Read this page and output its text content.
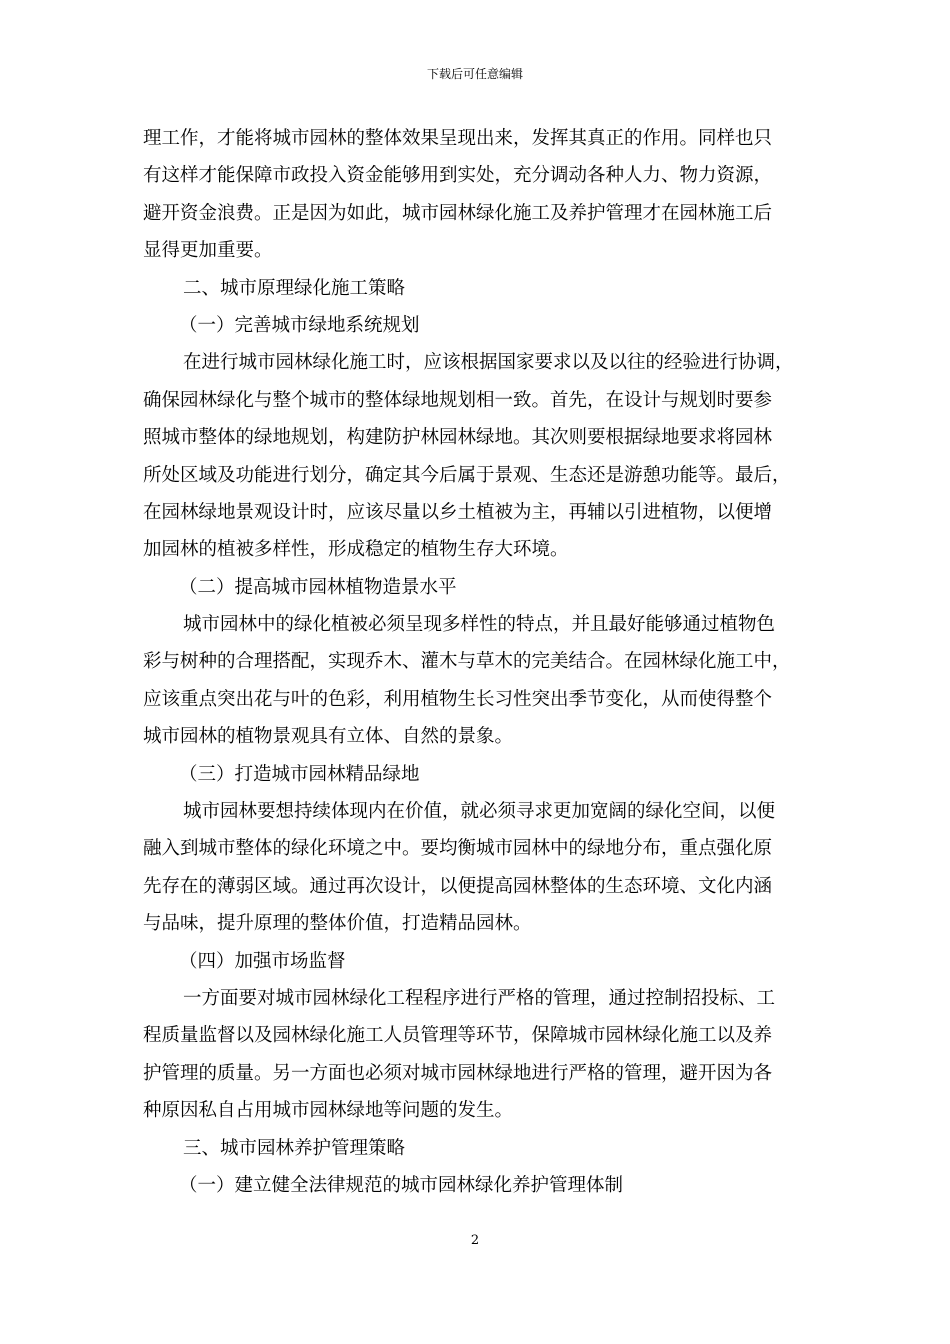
下载后可任意编辑
理工作，才能将城市园林的整体效果呈现出来，发挥其真正的作用。同样也只
有这样才能保障市政投入资金能够用到实处，充分调动各种人力、物力资源，
避开资金浪费。正是因为如此，城市园林绿化施工及养护管理才在园林施工后
显得更加重要。
二、城市原理绿化施工策略
（一）完善城市绿地系统规划
在进行城市园林绿化施工时，应该根据国家要求以及以往的经验进行协调，
确保园林绿化与整个城市的整体绿地规划相一致。首先，在设计与规划时要参
照城市整体的绿地规划，构建防护林园林绿地。其次则要根据绿地要求将园林
所处区域及功能进行划分，确定其今后属于景观、生态还是游憩功能等。最后，
在园林绿地景观设计时，应该尽量以乡土植被为主，再辅以引进植物，以便增
加园林的植被多样性，形成稳定的植物生存大环境。
（二）提高城市园林植物造景水平
城市园林中的绿化植被必须呈现多样性的特点，并且最好能够通过植物色
彩与树种的合理搭配，实现乔木、灌木与草木的完美结合。在园林绿化施工中，
应该重点突出花与叶的色彩，利用植物生长习性突出季节变化，从而使得整个
城市园林的植物景观具有立体、自然的景象。
（三）打造城市园林精品绿地
城市园林要想持续体现内在价值，就必须寻求更加宽阔的绿化空间，以便
融入到城市整体的绿化环境之中。要均衡城市园林中的绿地分布，重点强化原
先存在的薄弱区域。通过再次设计，以便提高园林整体的生态环境、文化内涵
与品味，提升原理的整体价值，打造精品园林。
（四）加强市场监督
一方面要对城市园林绿化工程程序进行严格的管理，通过控制招投标、工
程质量监督以及园林绿化施工人员管理等环节，保障城市园林绿化施工以及养
护管理的质量。另一方面也必须对城市园林绿地进行严格的管理，避开因为各
种原因私自占用城市园林绿地等问题的发生。
三、城市园林养护管理策略
（一）建立健全法律规范的城市园林绿化养护管理体制
2
